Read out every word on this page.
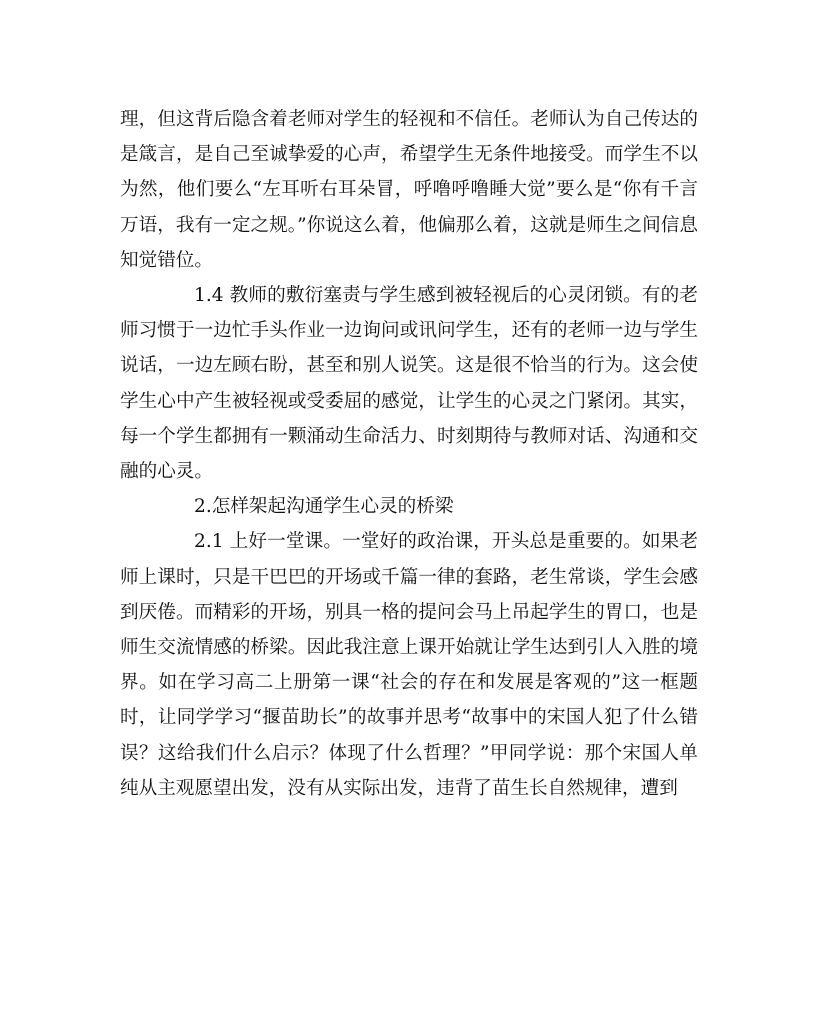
理，但这背后隐含着老师对学生的轻视和不信任。老师认为自己传达的是箴言，是自己至诚挚爱的心声，希望学生无条件地接受。而学生不以为然，他们要么“左耳听右耳朵冒，呼噜呼噜睡大觉”要么是“你有千言万语，我有一定之规。”你说这么着，他偏那么着，这就是师生之间信息知觉错位。

1.4 教师的敷衍塞责与学生感到被轻视后的心灵闭锁。有的老师习惯于一边忙手头作业一边询问或讯问学生，还有的老师一边与学生说话，一边左顾右盼，甚至和别人说笑。这是很不恰当的行为。这会使学生心中产生被轻视或受委屈的感觉，让学生的心灵之门紧闭。其实，每一个学生都拥有一颗涌动生命活力、时刻期待与教师对话、沟通和交融的心灵。

2.怎样架起沟通学生心灵的桥梁

2.1 上好一堂课。一堂好的政治课，开头总是重要的。如果老师上课时，只是干巴巴的开场或千篇一律的套路，老生常谈，学生会感到厌倦。而精彩的开场，别具一格的提问会马上吊起学生的胃口，也是师生交流情感的桥梁。因此我注意上课开始就让学生达到引人入胜的境界。如在学习高二上册第一课“社会的存在和发展是客观的”这一框题时，让同学学习“揠苗助长”的故事并思考“故事中的宋国人犯了什么错误？这给我们什么启示？体现了什么哲理？”甲同学说：那个宋国人单纯从主观愿望出发，没有从实际出发，违背了苗生长自然规律，遭到
